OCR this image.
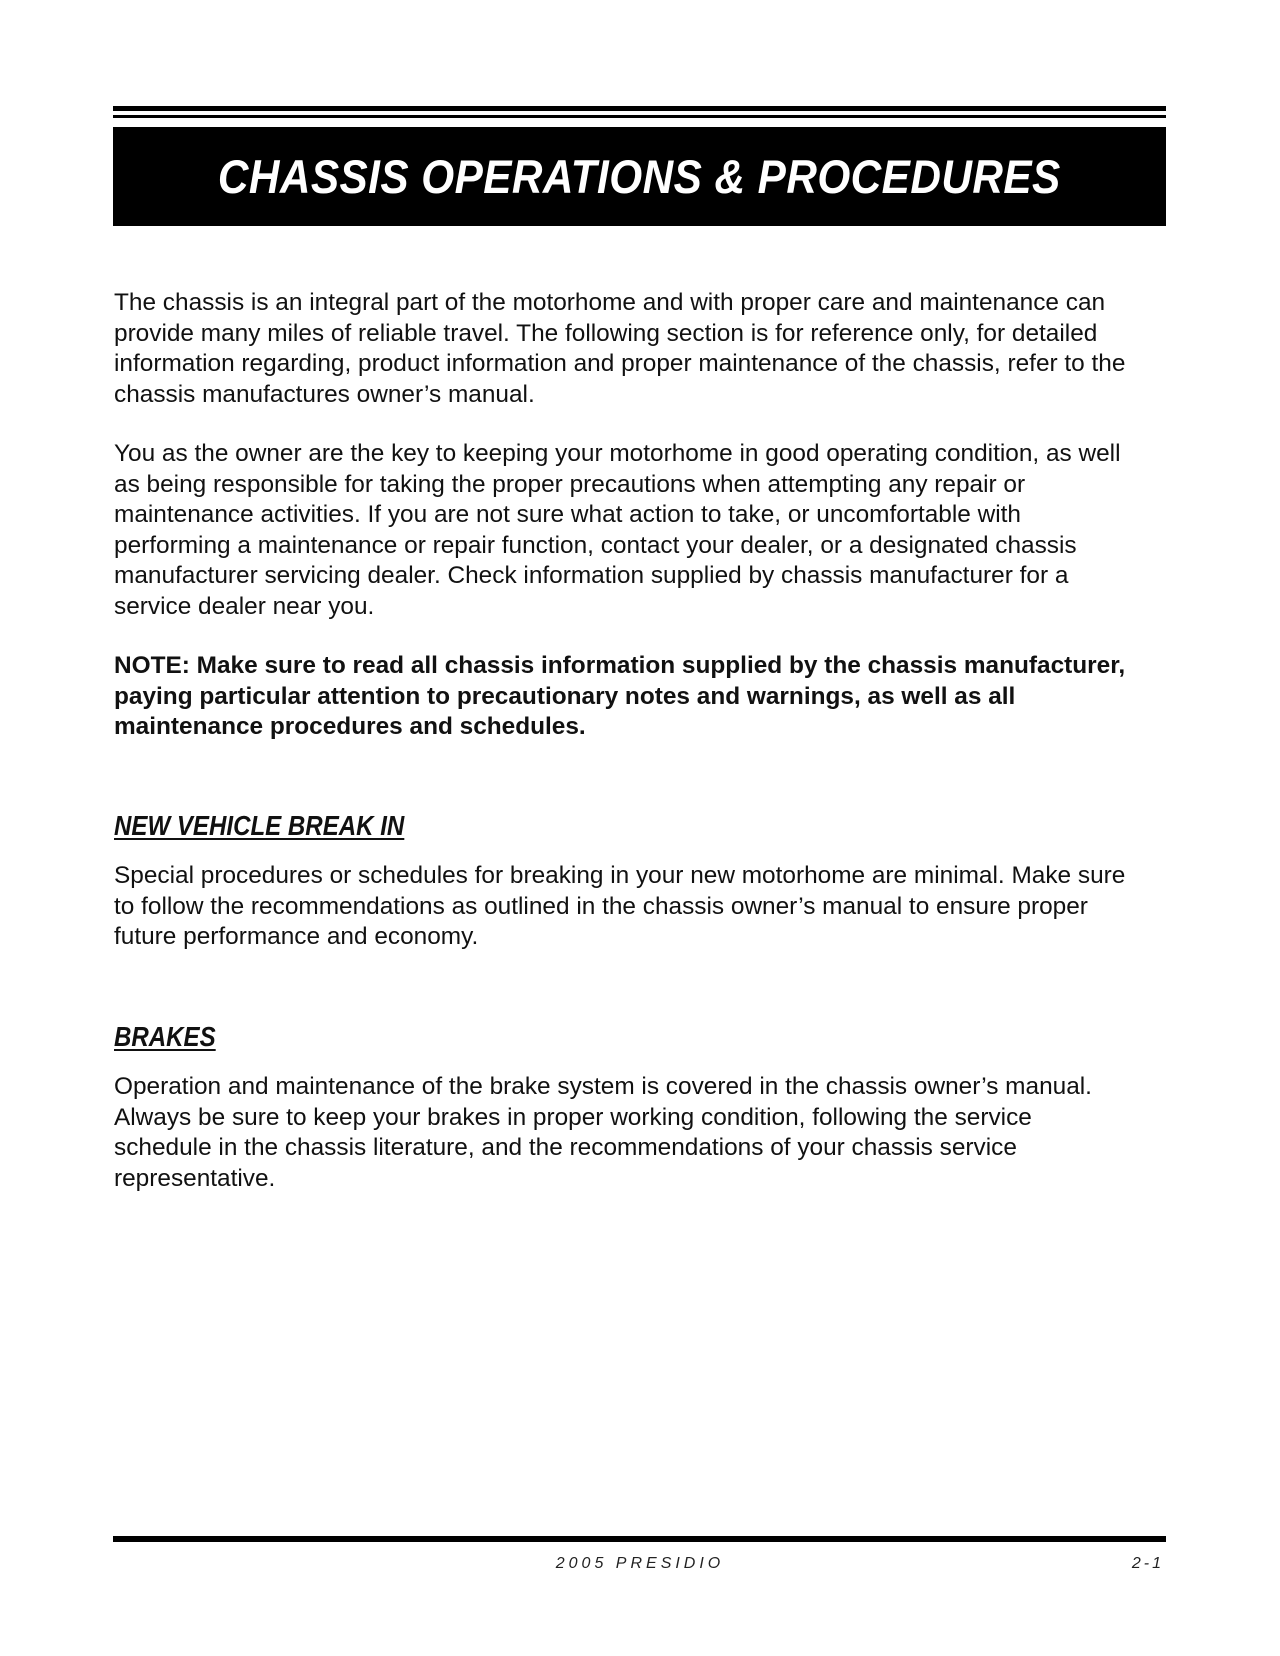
CHASSIS OPERATIONS & PROCEDURES

The chassis is an integral part of the motorhome and with proper care and maintenance can
provide many miles of reliable travel. The following section is for reference only, for detailed
information regarding, product information and proper maintenance of the chassis, refer to the
chassis manufactures owner’s manual.

You as the owner are the key to keeping your motorhome in good operating condition, as well
as being responsible for taking the proper precautions when attempting any repair or
maintenance activities. If you are not sure what action to take, or uncomfortable with
performing a maintenance or repair function, contact your dealer, or a designated chassis
manufacturer servicing dealer. Check information supplied by chassis manufacturer for a
service dealer near you.

NOTE: Make sure to read all chassis information supplied by the chassis manufacturer,
paying particular attention to precautionary notes and warnings, as well as all
maintenance procedures and schedules.

NEW VEHICLE BREAK IN

Special procedures or schedules for breaking in your new motorhome are minimal. Make sure
to follow the recommendations as outlined in the chassis owner’s manual to ensure proper
future performance and economy.

BRAKES

Operation and maintenance of the brake system is covered in the chassis owner’s manual.
Always be sure to keep your brakes in proper working condition, following the service
schedule in the chassis literature, and the recommendations of your chassis service
representative.

2005 PRESIDIO	2-1
